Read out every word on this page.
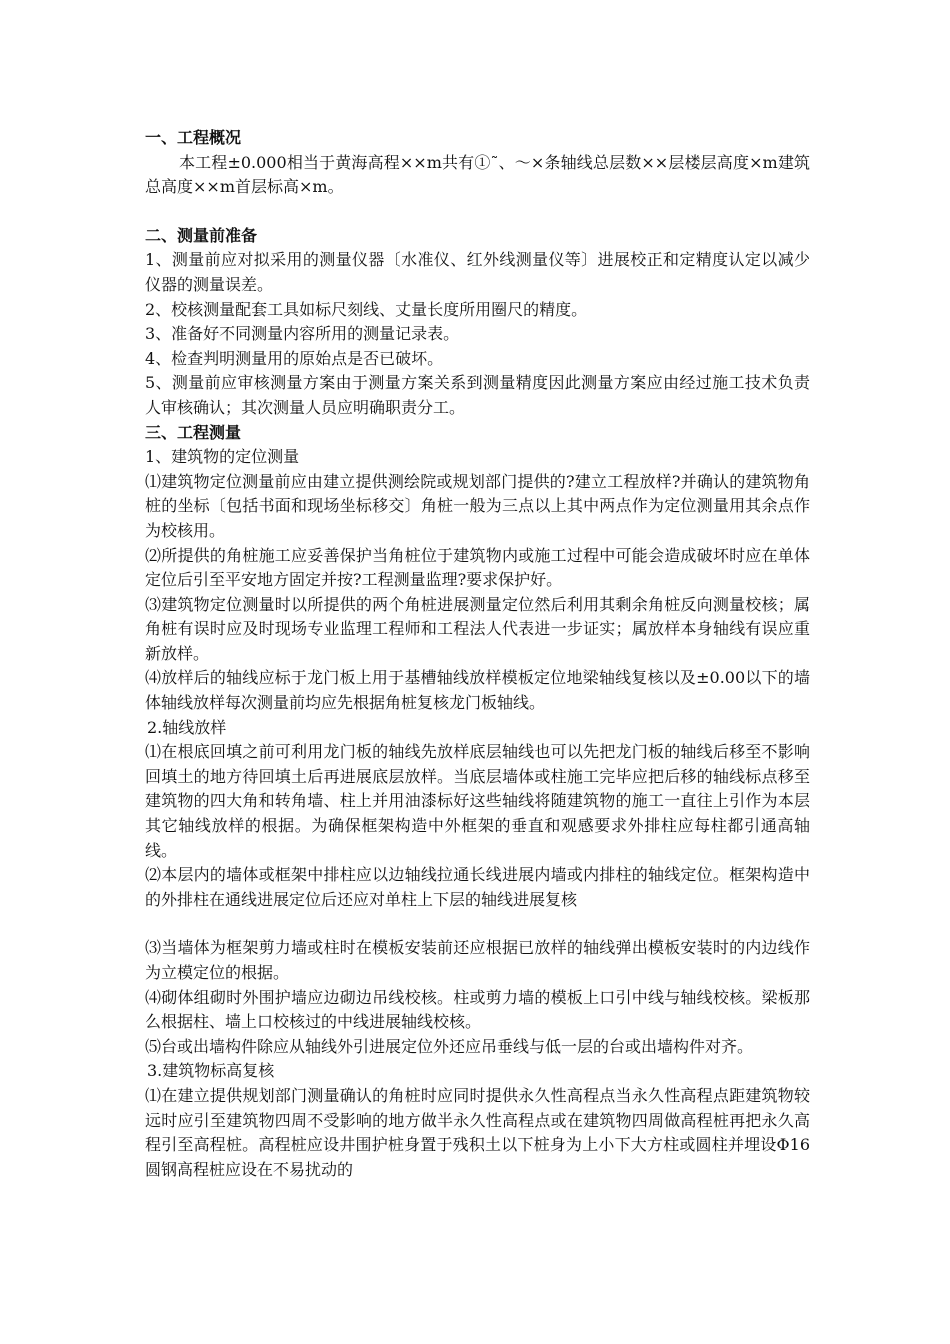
一、工程概况

本工程±0.000相当于黄海高程××m共有①˜、～×条轴线总层数××层楼层高度×m建筑总高度××m首层标高×m。

二、测量前准备

1、测量前应对拟采用的测量仪器〔水准仪、红外线测量仪等〕进展校正和定精度认定以减少仪器的测量误差。

2、校核测量配套工具如标尺刻线、丈量长度所用圈尺的精度。

3、准备好不同测量内容所用的测量记录表。

4、检查判明测量用的原始点是否已破坏。

5、测量前应审核测量方案由于测量方案关系到测量精度因此测量方案应由经过施工技术负责人审核确认；其次测量人员应明确职责分工。

三、工程测量

1、建筑物的定位测量

⑴建筑物定位测量前应由建立提供测绘院或规划部门提供的?建立工程放样?并确认的建筑物角桩的坐标〔包括书面和现场坐标移交〕角桩一般为三点以上其中两点作为定位测量用其余点作为校核用。

⑵所提供的角桩施工应妥善保护当角桩位于建筑物内或施工过程中可能会造成破坏时应在单体定位后引至平安地方固定并按?工程测量监理?要求保护好。

⑶建筑物定位测量时以所提供的两个角桩进展测量定位然后利用其剩余角桩反向测量校核；属角桩有误时应及时现场专业监理工程师和工程法人代表进一步证实；属放样本身轴线有误应重新放样。

⑷放样后的轴线应标于龙门板上用于基槽轴线放样模板定位地梁轴线复核以及±0.00以下的墙体轴线放样每次测量前均应先根据角桩复核龙门板轴线。

2.轴线放样

⑴在根底回填之前可利用龙门板的轴线先放样底层轴线也可以先把龙门板的轴线后移至不影响回填土的地方待回填土后再进展底层放样。当底层墙体或柱施工完毕应把后移的轴线标点移至建筑物的四大角和转角墙、柱上并用油漆标好这些轴线将随建筑物的施工一直往上引作为本层其它轴线放样的根据。为确保框架构造中外框架的垂直和观感要求外排柱应每柱都引通高轴线。

⑵本层内的墙体或框架中排柱应以边轴线拉通长线进展内墙或内排柱的轴线定位。框架构造中的外排柱在通线进展定位后还应对单柱上下层的轴线进展复核

⑶当墙体为框架剪力墙或柱时在模板安装前还应根据已放样的轴线弹出模板安装时的内边线作为立模定位的根据。

⑷砌体组砌时外围护墙应边砌边吊线校核。柱或剪力墙的模板上口引中线与轴线校核。梁板那么根据柱、墙上口校核过的中线进展轴线校核。

⑸台或出墙构件除应从轴线外引进展定位外还应吊垂线与低一层的台或出墙构件对齐。

3.建筑物标高复核

⑴在建立提供规划部门测量确认的角桩时应同时提供永久性高程点当永久性高程点距建筑物较远时应引至建筑物四周不受影响的地方做半永久性高程点或在建筑物四周做高程桩再把永久高程引至高程桩。高程桩应设井围护桩身置于残积土以下桩身为上小下大方柱或圆柱并埋设Φ16圆钢高程桩应设在不易扰动的
